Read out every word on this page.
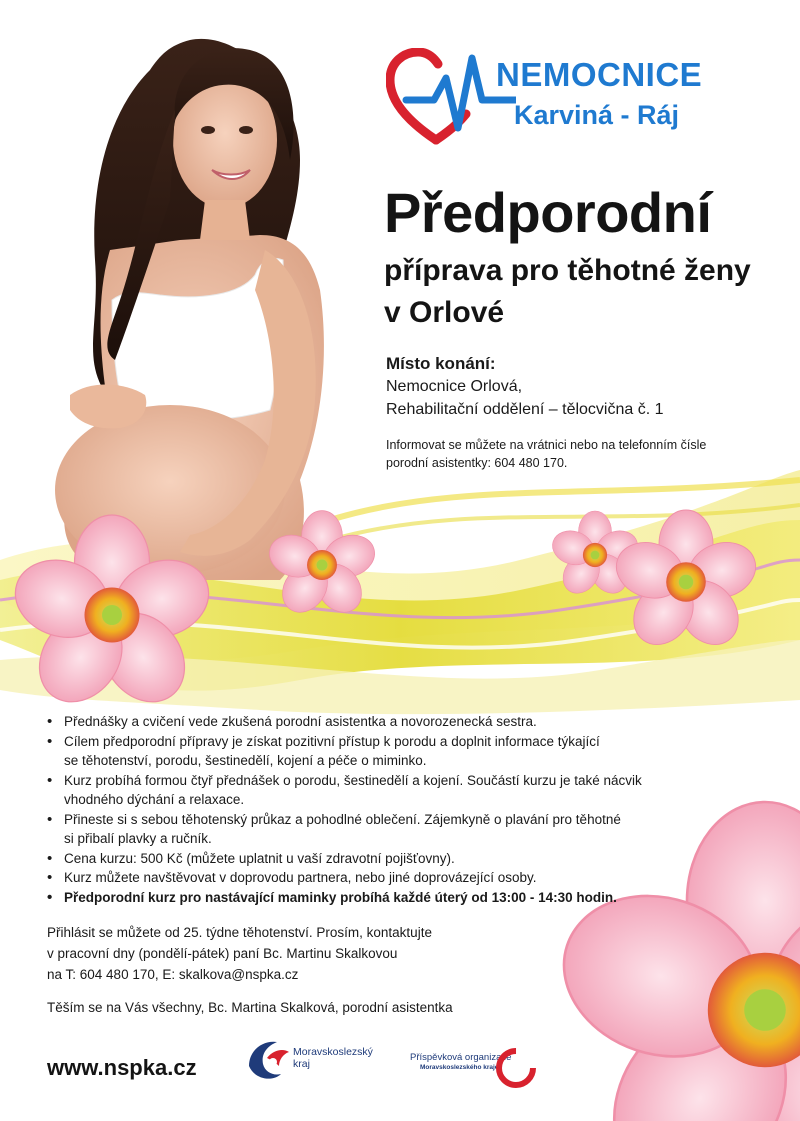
NEMOCNICE
Karviná - Ráj
Předporodní
příprava pro těhotné ženy
v Orlové
Místo konání:
Nemocnice Orlová,
Rehabilitační oddělení – tělocvična č. 1
Informovat se můžete na vrátnici nebo na telefonním čísle
porodní asistentky: 604 480 170.
• Přednášky a cvičení vede zkušená porodní asistentka a novorozenecká sestra.
• Cílem předporodní přípravy je získat pozitivní přístup k porodu a doplnit informace týkající
se těhotenství, porodu, šestinedělí, kojení a péče o miminko.
• Kurz probíhá formou čtyř přednášek o porodu, šestinedělí a kojení. Součástí kurzu je také nácvik
vhodného dýchání a relaxace.
• Přineste si s sebou těhotenský průkaz a pohodlné oblečení. Zájemkyně o plavání pro těhotné
si přibalí plavky a ručník.
• Cena kurzu: 500 Kč (můžete uplatnit u vaší zdravotní pojišťovny).
• Kurz můžete navštěvovat v doprovodu partnera, nebo jiné doprovázející osoby.
• Předporodní kurz pro nastávající maminky probíhá každé úterý od 13:00 - 14:30 hodin.
Přihlásit se můžete od 25. týdne těhotenství. Prosím, kontaktujte
v pracovní dny (pondělí-pátek) paní Bc. Martinu Skalkovou
na T: 604 480 170, E: skalkova@nspka.cz
Těším se na Vás všechny, Bc. Martina Skalková, porodní asistentka
www.nspka.cz
Moravskoslezský
kraj
Příspěvková organizace
Moravskoslezského kraje
